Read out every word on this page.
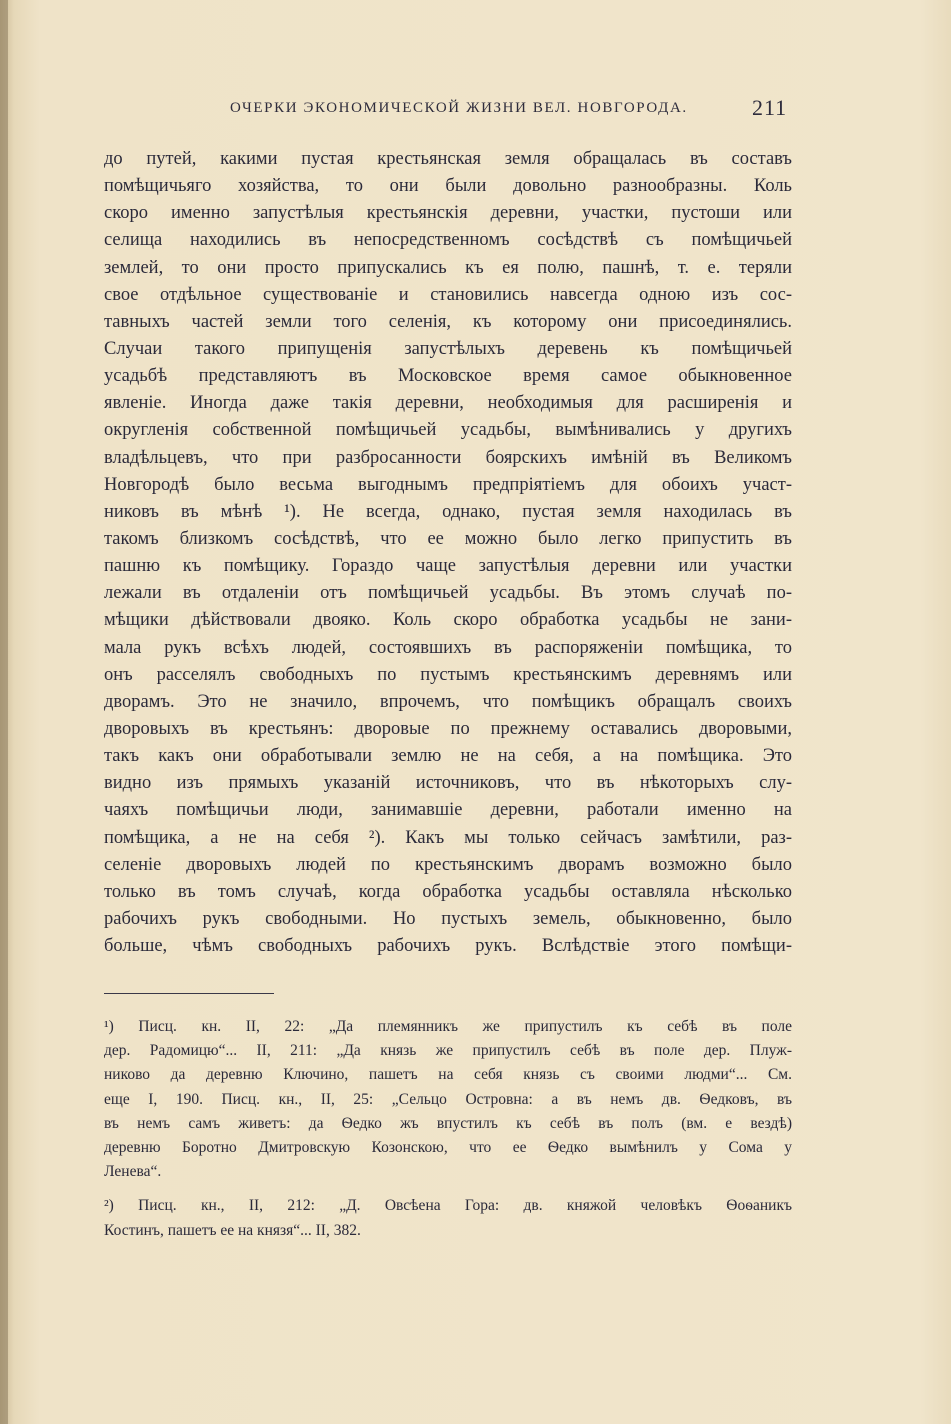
ОЧЕРКИ ЭКОНОМИЧЕСКОЙ ЖИЗНИ ВЕЛ. НОВГОРОДА.	211
до путей, какими пустая крестьянская земля обращалась въ составъ
помѣщичьяго хозяйства, то они были довольно разнообразны. Коль
скоро именно запустѣлыя крестьянскія деревни, участки, пустоши или
селища находились въ непосредственномъ сосѣдствѣ съ помѣщичьей
землей, то они просто припускались къ ея полю, пашнѣ, т. е. теряли
свое отдѣльное существованіе и становились навсегда одною изъ сос-
тавныхъ частей земли того селенія, къ которому они присоединялись.
Случаи такого припущенія запустѣлыхъ деревень къ помѣщичьей
усадьбѣ представляютъ въ Московское время самое обыкновенное
явленіе. Иногда даже такія деревни, необходимыя для расширенія и
округленія собственной помѣщичьей усадьбы, вымѣнивались у другихъ
владѣльцевъ, что при разбросанности боярскихъ имѣній въ Великомъ
Новгородѣ было весьма выгоднымъ предпріятіемъ для обоихъ участ-
никовъ въ мѣнѣ ¹). Не всегда, однако, пустая земля находилась въ
такомъ близкомъ сосѣдствѣ, что ее можно было легко припустить въ
пашню къ помѣщику. Гораздо чаще запустѣлыя деревни или участки
лежали въ отдаленіи отъ помѣщичьей усадьбы. Въ этомъ случаѣ по-
мѣщики дѣйствовали двояко. Коль скоро обработка усадьбы не зани-
мала рукъ всѣхъ людей, состоявшихъ въ распоряженіи помѣщика, то
онъ расселялъ свободныхъ по пустымъ крестьянскимъ деревнямъ или
дворамъ. Это не значило, впрочемъ, что помѣщикъ обращалъ своихъ
дворовыхъ въ крестьянъ: дворовые по прежнему оставались дворовыми,
такъ какъ они обработывали землю не на себя, а на помѣщика. Это
видно изъ прямыхъ указаній источниковъ, что въ нѣкоторыхъ слу-
чаяхъ помѣщичьи люди, занимавшіе деревни, работали именно на
помѣщика, а не на себя ²). Какъ мы только сейчасъ замѣтили, раз-
селеніе дворовыхъ людей по крестьянскимъ дворамъ возможно было
только въ томъ случаѣ, когда обработка усадьбы оставляла нѣсколько
рабочихъ рукъ свободными. Но пустыхъ земель, обыкновенно, было
больше, чѣмъ свободныхъ рабочихъ рукъ. Вслѣдствіе этого помѣщи-
¹) Писц. кн. II, 22: „Да племянникъ же припустилъ къ себѣ въ поле
дер. Радомицю“... II, 211: „Да князь же припустилъ себѣ въ поле дер. Плуж-
никово да деревню Ключино, пашетъ на себя князь съ своими людми“... См.
еще I, 190. Писц. кн., II, 25: „Сельцо Островна: а въ немъ дв. Ѳедковъ, въ
въ немъ самъ живетъ: да Ѳедко жъ впустилъ къ себѣ въ полъ (вм. е вездѣ)
деревню Боротно Дмитровскую Козонскою, что ее Ѳедко вымѣнилъ у Сома у
Ленева“.
²) Писц. кн., II, 212: „Д. Овсѣена Гора: дв. княжой человѣкъ Ѳоѳаникъ
Костинъ, пашетъ ее на князя“... II, 382.
